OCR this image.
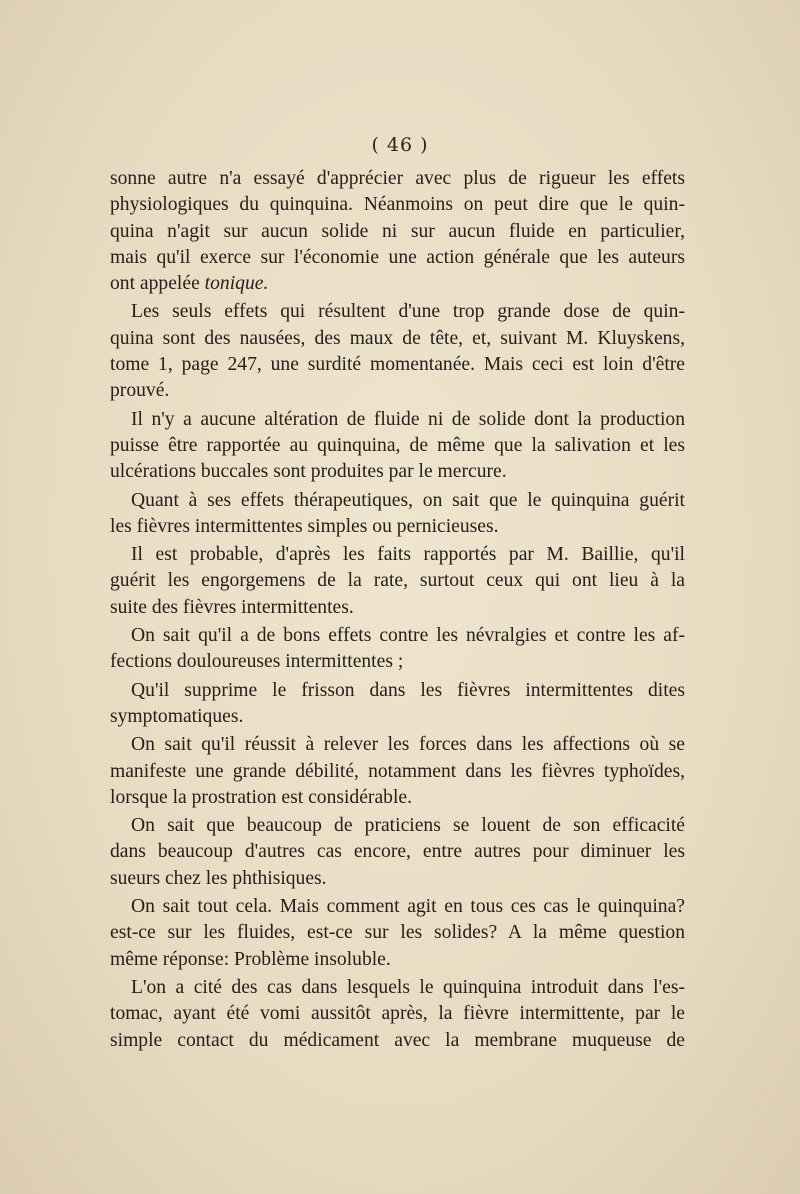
( 46 )
sonne autre n'a essayé d'apprécier avec plus de rigueur les effets
physiologiques du quinquina. Néanmoins on peut dire que le quin-
quina n'agit sur aucun solide ni sur aucun fluide en particulier,
mais qu'il exerce sur l'économie une action générale que les auteurs
ont appelée tonique.
Les seuls effets qui résultent d'une trop grande dose de quin-
quina sont des nausées, des maux de tête, et, suivant M. Kluyskens,
tome 1, page 247, une surdité momentanée. Mais ceci est loin d'être
prouvé.
Il n'y a aucune altération de fluide ni de solide dont la production
puisse être rapportée au quinquina, de même que la salivation et les
ulcérations buccales sont produites par le mercure.
Quant à ses effets thérapeutiques, on sait que le quinquina guérit
les fièvres intermittentes simples ou pernicieuses.
Il est probable, d'après les faits rapportés par M. Baillie, qu'il
guérit les engorgemens de la rate, surtout ceux qui ont lieu à la
suite des fièvres intermittentes.
On sait qu'il a de bons effets contre les névralgies et contre les af-
fections douloureuses intermittentes ;
Qu'il supprime le frisson dans les fièvres intermittentes dites
symptomatiques.
On sait qu'il réussit à relever les forces dans les affections où se
manifeste une grande débilité, notamment dans les fièvres typhoïdes,
lorsque la prostration est considérable.
On sait que beaucoup de praticiens se louent de son efficacité
dans beaucoup d'autres cas encore, entre autres pour diminuer les
sueurs chez les phthisiques.
On sait tout cela. Mais comment agit en tous ces cas le quinquina?
est-ce sur les fluides, est-ce sur les solides? A la même question
même réponse: Problème insoluble.
L'on a cité des cas dans lesquels le quinquina introduit dans l'es-
tomac, ayant été vomi aussitôt après, la fièvre intermittente, par le
simple contact du médicament avec la membrane muqueuse de
